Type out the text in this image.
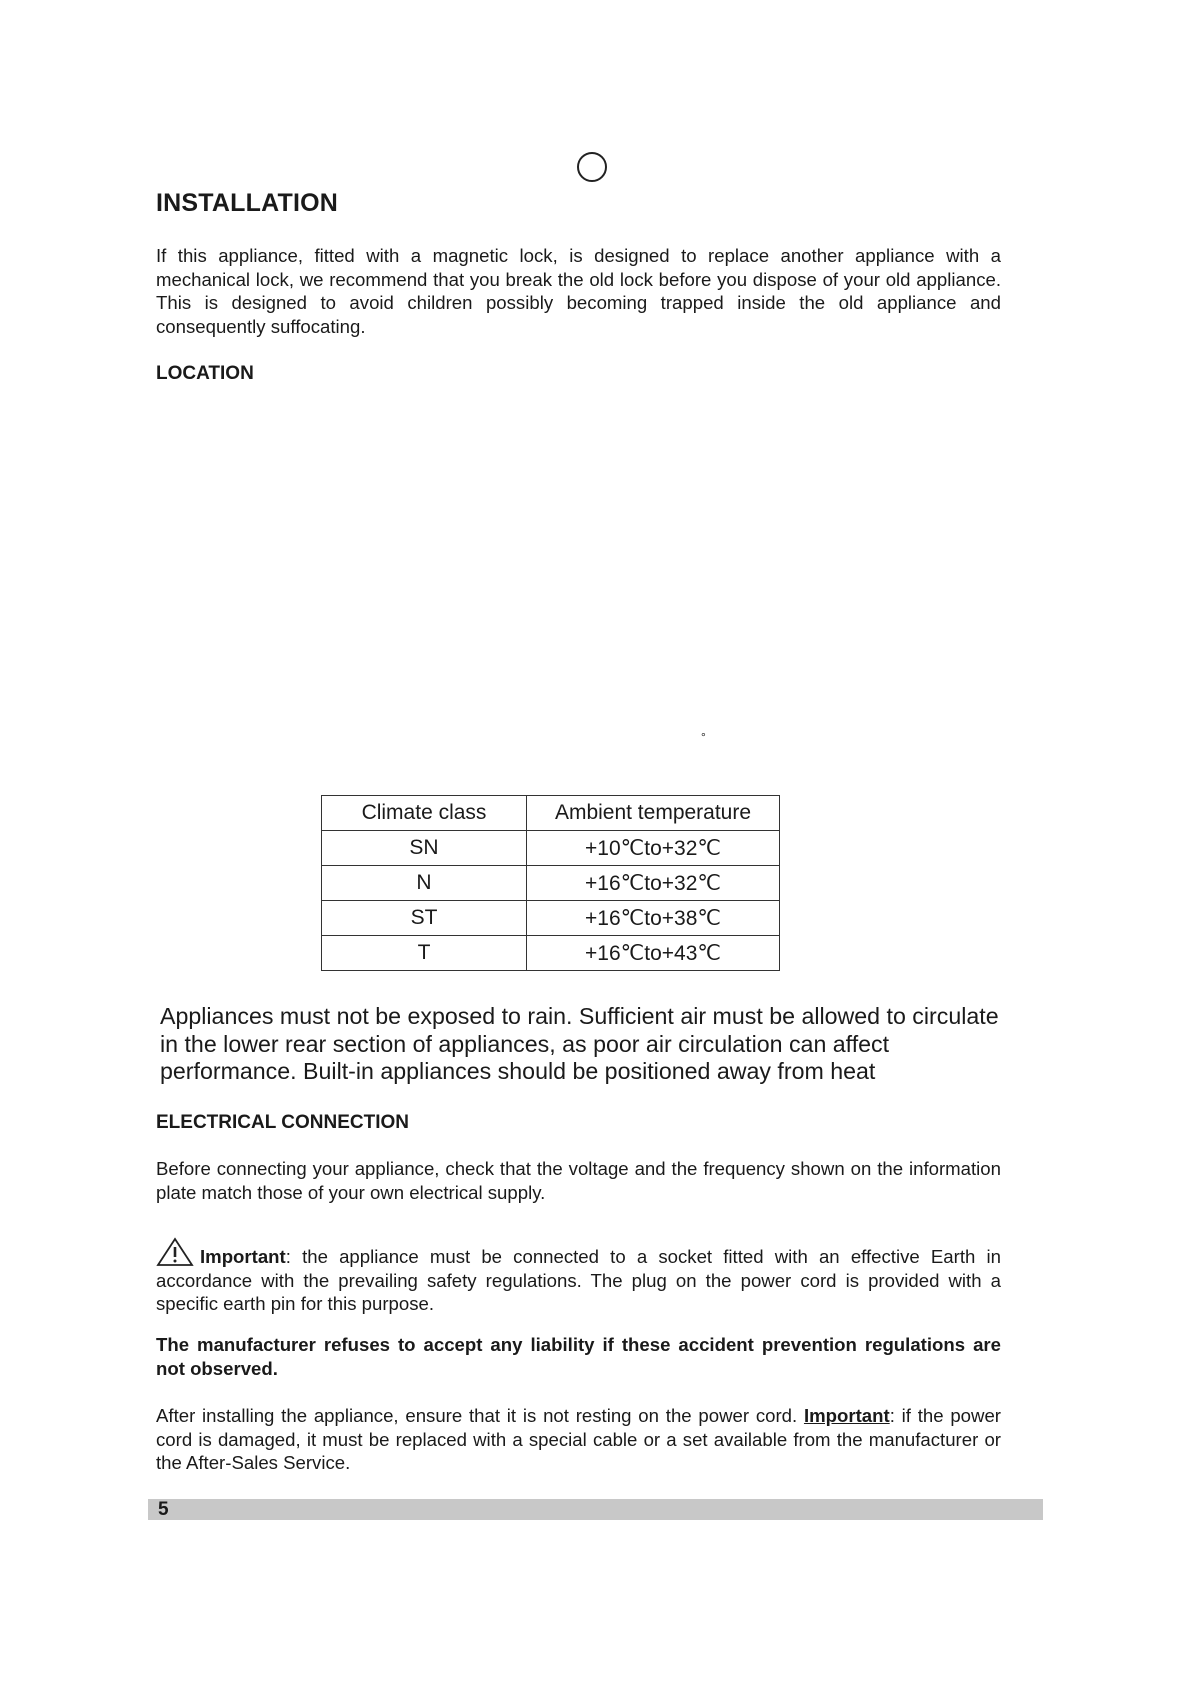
INSTALLATION

If this appliance, fitted with a magnetic lock, is designed to replace another appliance with a mechanical lock, we recommend that you break the old lock before you dispose of your old appliance. This is designed to avoid children possibly becoming trapped inside the old appliance and consequently suffocating.

LOCATION
°
Climate class	Ambient temperature
SN	+10℃to+32℃
N	+16℃to+32℃
ST	+16℃to+38℃
T	+16℃to+43℃

Appliances must not be exposed to rain. Sufficient air must be allowed to circulate in the lower rear section of appliances, as poor air circulation can affect performance. Built-in appliances should be positioned away from heat

ELECTRICAL CONNECTION

Before connecting your appliance, check that the voltage and the frequency shown on the information plate match those of your own electrical supply.

Important: the appliance must be connected to a socket fitted with an effective Earth in accordance with the prevailing safety regulations. The plug on the power cord is provided with a specific earth pin for this purpose.

The manufacturer refuses to accept any liability if these accident prevention regulations are not observed.

After installing the appliance, ensure that it is not resting on the power cord. Important: if the power cord is damaged, it must be replaced with a special cable or a set available from the manufacturer or the After-Sales Service.

5
